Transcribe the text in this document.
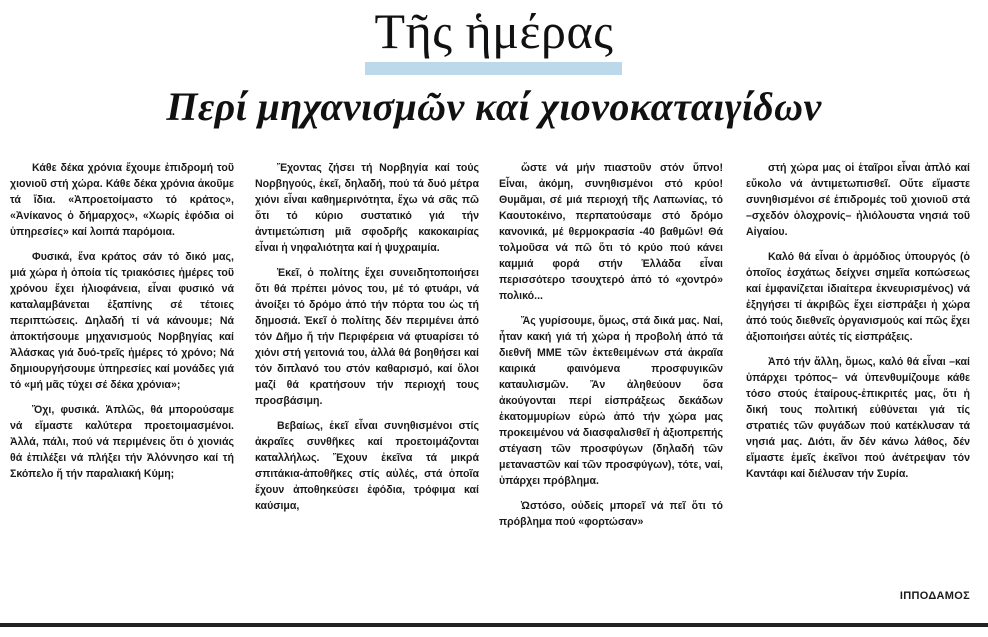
Τῆς ἡμέρας
Περί μηχανισμῶν καί χιονοκαταιγίδων

Κάθε δέκα χρόνια ἔχουμε ἐπιδρομή τοῦ χιονιοῦ στή χώρα. Κάθε δέκα χρόνια ἀκοῦμε τά ἴδια. «Ἀπροετοίμαστο τό κράτος», «Ἀνίκανος ὁ δήμαρχος», «Χωρίς ἐφόδια οἱ ὑπηρεσίες» καί λοιπά παρόμοια.

Φυσικά, ἕνα κράτος σάν τό δικό μας, μιά χώρα ἡ ὁποία τίς τριακόσιες ἡμέρες τοῦ χρόνου ἔχει ἡλιοφάνεια, εἶναι φυσικό νά καταλαμβάνεται ἐξαπίνης σέ τέτοιες περιπτώσεις. Δηλαδή τί νά κάνουμε; Νά ἀποκτήσουμε μηχανισμούς Νορβηγίας καί Ἀλάσκας γιά δυό-τρεῖς ἡμέρες τό χρόνο; Νά δημιουργήσουμε ὑπηρεσίες καί μονάδες γιά τό «μή μᾶς τύχει σέ δέκα χρόνια»;

Ὄχι, φυσικά. Ἁπλῶς, θά μπορούσαμε νά εἴμαστε καλύτερα προετοιμασμένοι. Ἀλλά, πάλι, πού νά περιμένεις ὅτι ὁ χιονιάς θά ἐπιλέξει νά πλήξει τήν Ἀλόννησο καί τή Σκόπελο ἤ τήν παραλιακή Κύμη;

Ἔχοντας ζήσει τή Νορβηγία καί τούς Νορβηγούς, ἐκεῖ, δηλαδή, πού τά δυό μέτρα χιόνι εἶναι καθημερινότητα, ἔχω νά σᾶς πῶ ὅτι τό κύριο συστατικό γιά τήν ἀντιμετώπιση μιᾶ σφοδρῆς κακοκαιρίας εἶναι ἡ νηφαλιότητα καί ἡ ψυχραιμία.

Ἐκεῖ, ὁ πολίτης ἔχει συνειδητοποιήσει ὅτι θά πρέπει μόνος του, μέ τό φτυάρι, νά ἀνοίξει τό δρόμο ἀπό τήν πόρτα του ὡς τή δημοσιά. Ἐκεῖ ὁ πολίτης δέν περιμένει ἀπό τόν Δῆμο ἤ τήν Περιφέρεια νά φτυαρίσει τό χιόνι στή γειτονιά του, ἀλλά θά βοηθήσει καί τόν διπλανό του στόν καθαρισμό, καί ὅλοι μαζί θά κρατήσουν τήν περιοχή τους προσβάσιμη.

Βεβαίως, ἐκεῖ εἶναι συνηθισμένοι στίς ἀκραῖες συνθῆκες καί προετοιμάζονται καταλλήλως. Ἔχουν ἐκεῖνα τά μικρά σπιτάκια-ἀποθῆκες στίς αὐλές, στά ὁποῖα ἔχουν ἀποθηκεύσει ἐφόδια, τρόφιμα καί καύσιμα,

ὥστε νά μήν πιαστοῦν στόν ὕπνο! Εἶναι, ἀκόμη, συνηθισμένοι στό κρύο! Θυμᾶμαι, σέ μιά περιοχή τῆς Λαπωνίας, τό Καουτοκέινο, περπατούσαμε στό δρόμο κανονικά, μέ θερμοκρασία -40 βαθμῶν! Θά τολμοῦσα νά πῶ ὅτι τό κρύο πού κάνει καμμιά φορά στήν Ἑλλάδα εἶναι περισσότερο τσουχτερό ἀπό τό «χοντρό» πολικό...

Ἄς γυρίσουμε, ὅμως, στά δικά μας. Ναί, ἦταν κακή γιά τή χώρα ἡ προβολή ἀπό τά διεθνῆ ΜΜΕ τῶν ἐκτεθειμένων στά ἀκραῖα καιρικά φαινόμενα προσφυγικῶν καταυλισμῶν. Ἄν ἀληθεύουν ὅσα ἀκούγονται περί εἰσπράξεως δεκάδων ἑκατομμυρίων εὐρώ ἀπό τήν χώρα μας προκειμένου νά διασφαλισθεῖ ἡ ἀξιοπρεπής στέγαση τῶν προσφύγων (δηλαδή τῶν μεταναστῶν καί τῶν προσφύγων), τότε, ναί, ὑπάρχει πρόβλημα.

Ὡστόσο, οὐδείς μπορεῖ νά πεῖ ὅτι τό πρόβλημα πού «φορτώσαν»

στή χώρα μας οἱ ἑταῖροι εἶναι ἁπλό καί εὔκολο νά ἀντιμετωπισθεῖ. Οὔτε εἴμαστε συνηθισμένοι σέ ἐπιδρομές τοῦ χιονιοῦ στά –σχεδόν ὁλοχρονίς– ἡλιόλουστα νησιά τοῦ Αἰγαίου.

Καλό θά εἶναι ὁ ἁρμόδιος ὑπουργός (ὁ ὁποῖος ἐσχάτως δείχνει σημεῖα κοπώσεως καί ἐμφανίζεται ἰδιαίτερα ἐκνευρισμένος) νά ἐξηγήσει τί ἀκριβῶς ἔχει εἰσπράξει ἡ χώρα ἀπό τούς διεθνεῖς ὀργανισμούς καί πῶς ἔχει ἀξιοποιήσει αὐτές τίς εἰσπράξεις.

Ἀπό τήν ἄλλη, ὅμως, καλό θά εἶναι –καί ὑπάρχει τρόπος– νά ὑπενθυμίζουμε κάθε τόσο στούς ἑταίρους-ἐπικριτές μας, ὅτι ἡ δική τους πολιτική εὐθύνεται γιά τίς στρατιές τῶν φυγάδων πού κατέκλυσαν τά νησιά μας. Διότι, ἄν δέν κάνω λάθος, δέν εἴμαστε ἐμεῖς ἐκεῖνοι πού ἀνέτρεψαν τόν Καντάφι καί διέλυσαν τήν Συρία.

ΙΠΠΟΔΑΜΟΣ
